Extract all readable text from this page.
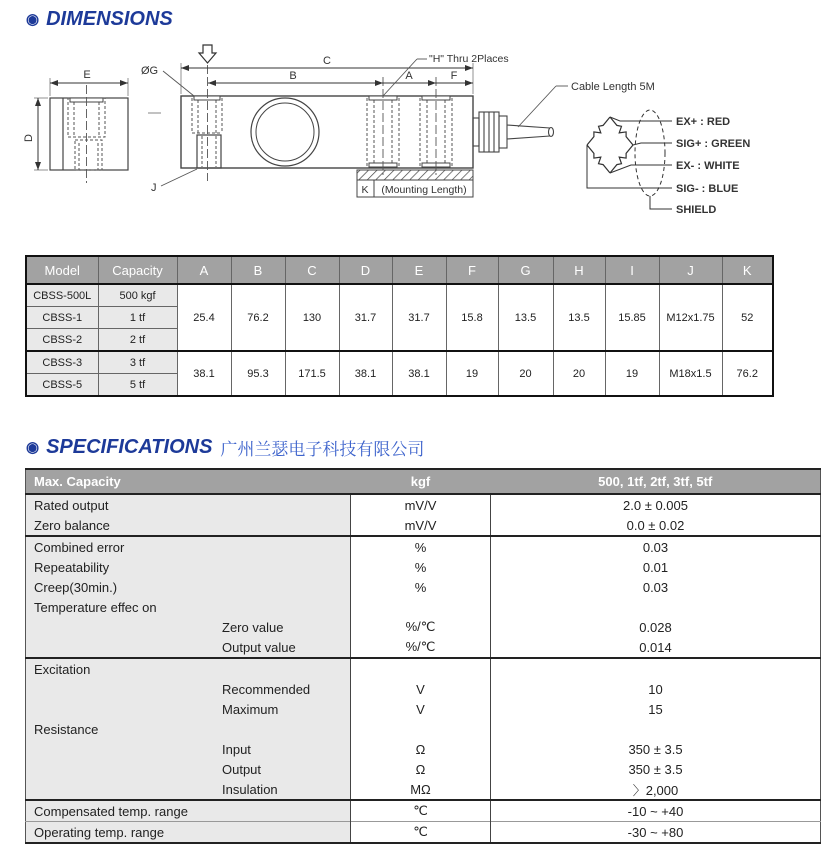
◉ DIMENSIONS
E
D
K (Mounting Length)
C
B	A	F
ØG
"H" Thru 2Places
J
Cable Length 5M
EX+ : RED
SIG+ : GREEN
EX- : WHITE
SIG- : BLUE
SHIELD
Model	Capacity	A	B	C	D	E	F	G	H	I	J	K
CBSS-500L	500 kgf	25.4	76.2	130	31.7	31.7	15.8	13.5	13.5	15.85	M12x1.75	52
CBSS-1	1 tf											
CBSS-2	2 tf											
CBSS-3	3 tf	38.1	95.3	171.5	38.1	38.1	19	20	20	19	M18x1.5	76.2
CBSS-5	5 tf											
◉ SPECIFICATIONS 广州兰瑟电子科技有限公司
Max. Capacity	kgf	500, 1tf, 2tf, 3tf, 5tf
Rated output	mV/V	2.0 ± 0.005
Zero balance	mV/V	0.0 ± 0.02
Combined error	%	0.03
Repeatability	%	0.01
Creep(30min.)	%	0.03
Temperature effec on		
Zero value	%/℃	0.028
Output value	%/℃	0.014
Excitation		
Recommended	V	10
Maximum	V	15
Resistance		
Input	Ω	350 ± 3.5
Output	Ω	350 ± 3.5
Insulation	MΩ	〉2,000
Compensated temp. range	℃	-10 ~ +40
Operating temp. range	℃	-30 ~ +80
